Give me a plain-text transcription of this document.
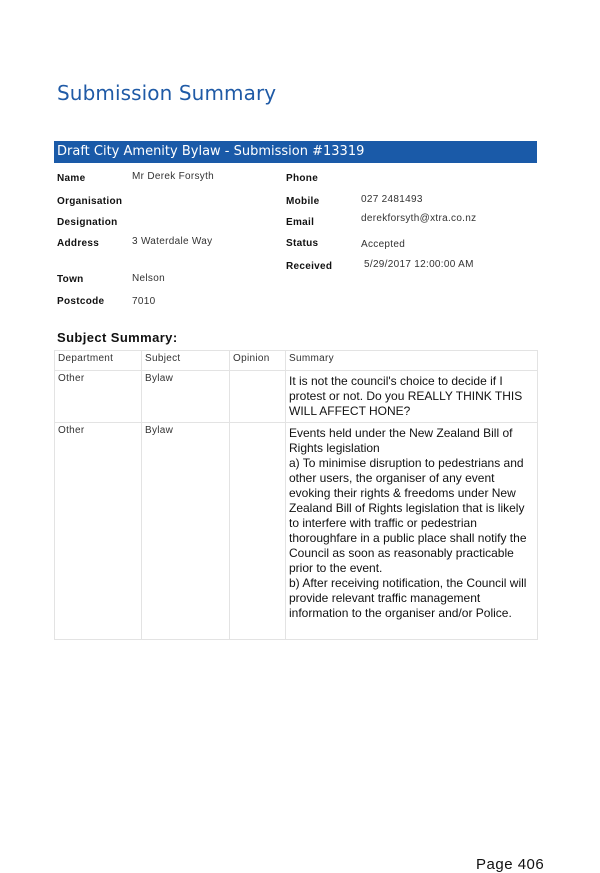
Submission Summary
Draft City Amenity Bylaw - Submission #13319
Name	Mr Derek Forsyth
Organisation
Designation
Address	3 Waterdale Way
Town	Nelson
Postcode	7010
Phone
Mobile	027 2481493
Email	derekforsyth@xtra.co.nz
Status	Accepted
Received	5/29/2017 12:00:00 AM
Subject Summary:
Department	Subject	Opinion	Summary
Other	Bylaw		It is not the council's choice to decide if I protest or not. Do you REALLY THINK THIS WILL AFFECT HONE?
Other	Bylaw		Events held under the New Zealand Bill of Rights legislation
a) To minimise disruption to pedestrians and other users, the organiser of any event evoking their rights & freedoms under New Zealand Bill of Rights legislation that is likely to interfere with traffic or pedestrian thoroughfare in a public place shall notify the Council as soon as reasonably practicable prior to the event.
b) After receiving notification, the Council will provide relevant traffic management information to the organiser and/or Police.
Page 406
